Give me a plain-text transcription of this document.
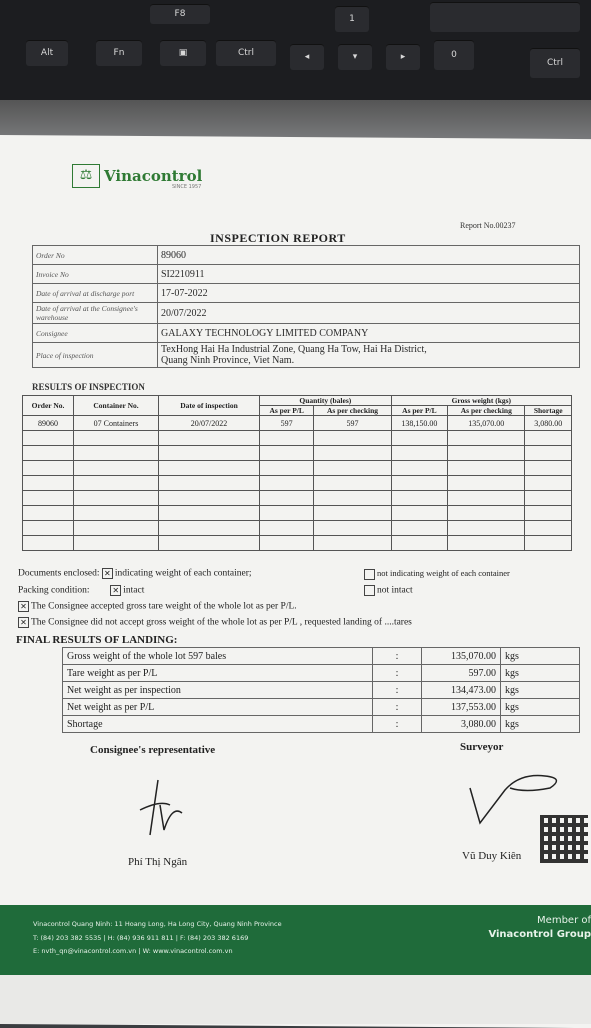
F8	1
Alt	Fn	▣	Ctrl	◂	▾	▸	0
Ctrl
⚖ Vinacontrol
SINCE 1957
Report No.00237
INSPECTION REPORT
Order No	89060
Invoice No	SI2210911
Date of arrival at discharge port	17-07-2022
Date of arrival at the Consignee's warehouse	20/07/2022
Consignee	GALAXY TECHNOLOGY LIMITED COMPANY
Place of inspection	TexHong Hai Ha Industrial Zone, Quang Ha Tow, Hai Ha District,
Quang Ninh Province, Viet Nam.
RESULTS OF INSPECTION
Order No.	Container No.	Date of inspection	Quantity (bales)		Gross weight (kgs)		
			As per P/L	As per checking	As per P/L	As per checking	Shortage
89060	07 Containers	20/07/2022	597	597	138,150.00	135,070.00	3,080.00

Documents enclosed: ✕ indicating weight of each container;	not indicating weight of each container
Packing condition:	✕ intact	not intact
✕ The Consignee accepted gross tare weight of the whole lot as per P/L.
✕ The Consignee did not accept gross weight of the whole lot as per P/L , requested landing of ....tares
FINAL RESULTS OF LANDING:
Gross weight of the whole lot 597 bales	:	135,070.00	kgs
Tare weight as per P/L	:	597.00	kgs
Net weight as per inspection	:	134,473.00	kgs
Net weight as per P/L	:	137,553.00	kgs
Shortage	:	3,080.00	kgs
Consignee's representative	Surveyor
Phí Thị Ngân	Vũ Duy Kiên
Vinacontrol Quang Ninh: 11 Hoang Long, Ha Long City, Quang Ninh Province
T: (84) 203 382 5535 | H: (84) 936 911 811 | F: (84) 203 382 6169
E: nvth_qn@vinacontrol.com.vn | W: www.vinacontrol.com.vn
Member of
Vinacontrol Group
